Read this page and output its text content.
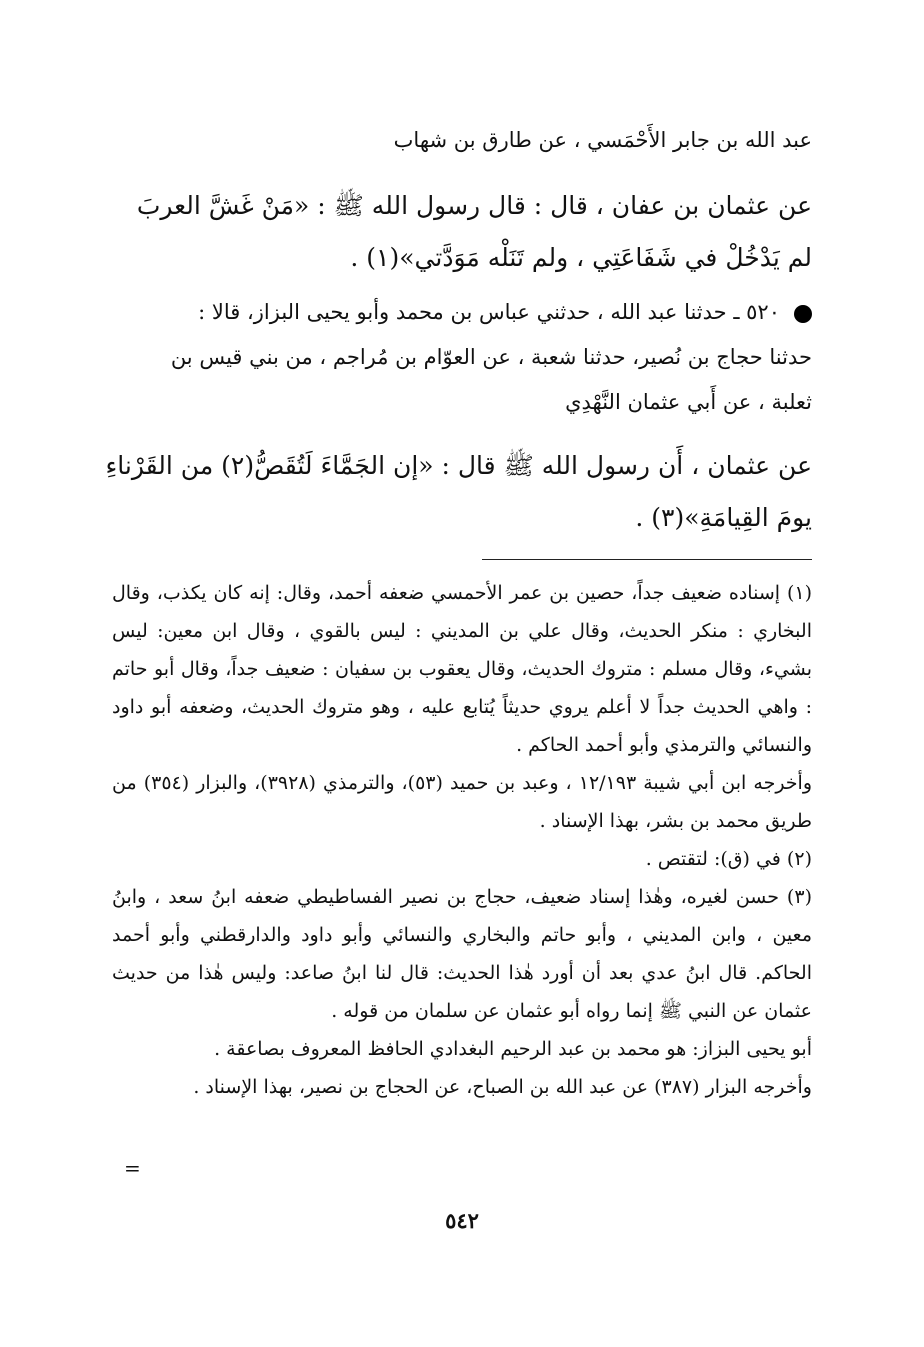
عبد الله بن جابر الأَحْمَسي ، عن طارق بن شهاب
عن عثمان بن عفان ، قال : قال رسول الله ﷺ : «مَنْ غَشَّ العربَ
لم يَدْخُلْ في شَفَاعَتِي ، ولم تَنَلْه مَوَدَّتي»(١) .
٥٢٠ ـ حدثنا عبد الله ، حدثني عباس بن محمد وأبو يحيى البزاز، قالا :
حدثنا حجاج بن نُصير، حدثنا شعبة ، عن العوّام بن مُراجم ، من بني قيس بن
ثعلبة ، عن أَبي عثمان النَّهْدِي
عن عثمان ، أَن رسول الله ﷺ قال : «إن الجَمَّاءَ لَتُقَصُّ(٢) من القَرْناءِ
يومَ القِيامَةِ»(٣) .

(١) إسناده ضعيف جداً، حصين بن عمر الأحمسي ضعفه أحمد، وقال: إنه كان يكذب، وقال البخاري : منكر الحديث، وقال علي بن المديني : ليس بالقوي ، وقال ابن معين: ليس بشيء، وقال مسلم : متروك الحديث، وقال يعقوب بن سفيان : ضعيف جداً، وقال أبو حاتم : واهي الحديث جداً لا أعلم يروي حديثاً يُتابع عليه ، وهو متروك الحديث، وضعفه أبو داود والنسائي والترمذي وأبو أحمد الحاكم .

وأخرجه ابن أبي شيبة ١٢/١٩٣ ، وعبد بن حميد (٥٣)، والترمذي (٣٩٢٨)، والبزار (٣٥٤) من طريق محمد بن بشر، بهذا الإسناد .

(٢) في (ق): لتقتص .

(٣) حسن لغيره، وهٰذا إسناد ضعيف، حجاج بن نصير الفساطيطي ضعفه ابنُ سعد ، وابنُ معين ، وابن المديني ، وأبو حاتم والبخاري والنسائي وأبو داود والدارقطني وأبو أحمد الحاكم. قال ابنُ عدي بعد أن أورد هٰذا الحديث: قال لنا ابنُ صاعد: وليس هٰذا من حديث عثمان عن النبي ﷺ إنما رواه أبو عثمان عن سلمان من قوله .

أبو يحيى البزاز: هو محمد بن عبد الرحيم البغدادي الحافظ المعروف بصاعقة .

وأخرجه البزار (٣٨٧) عن عبد الله بن الصباح، عن الحجاج بن نصير، بهذا الإسناد .

=
٥٤٢
